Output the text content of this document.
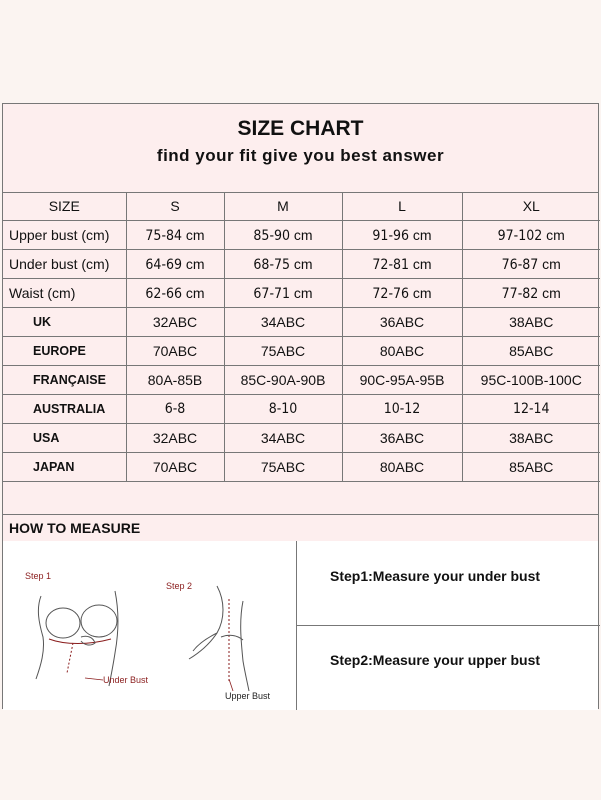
SIZE CHART
find your fit give you best answer
SIZE	S	M	L	XL
Upper bust (cm)	75-84 cm	85-90 cm	91-96 cm	97-102 cm
Under bust (cm)	64-69 cm	68-75 cm	72-81 cm	76-87 cm
Waist (cm)	62-66 cm	67-71 cm	72-76 cm	77-82 cm
UK	32ABC	34ABC	36ABC	38ABC
EUROPE	70ABC	75ABC	80ABC	85ABC
FRANÇAISE	80A-85B	85C-90A-90B	90C-95A-95B	95C-100B-100C
AUSTRALIA	6-8	8-10	10-12	12-14
USA	32ABC	34ABC	36ABC	38ABC
JAPAN	70ABC	75ABC	80ABC	85ABC
HOW TO MEASURE
Step 1
Under Bust
Step 2
Upper Bust
Step1:Measure your under bust
Step2:Measure your upper bust
